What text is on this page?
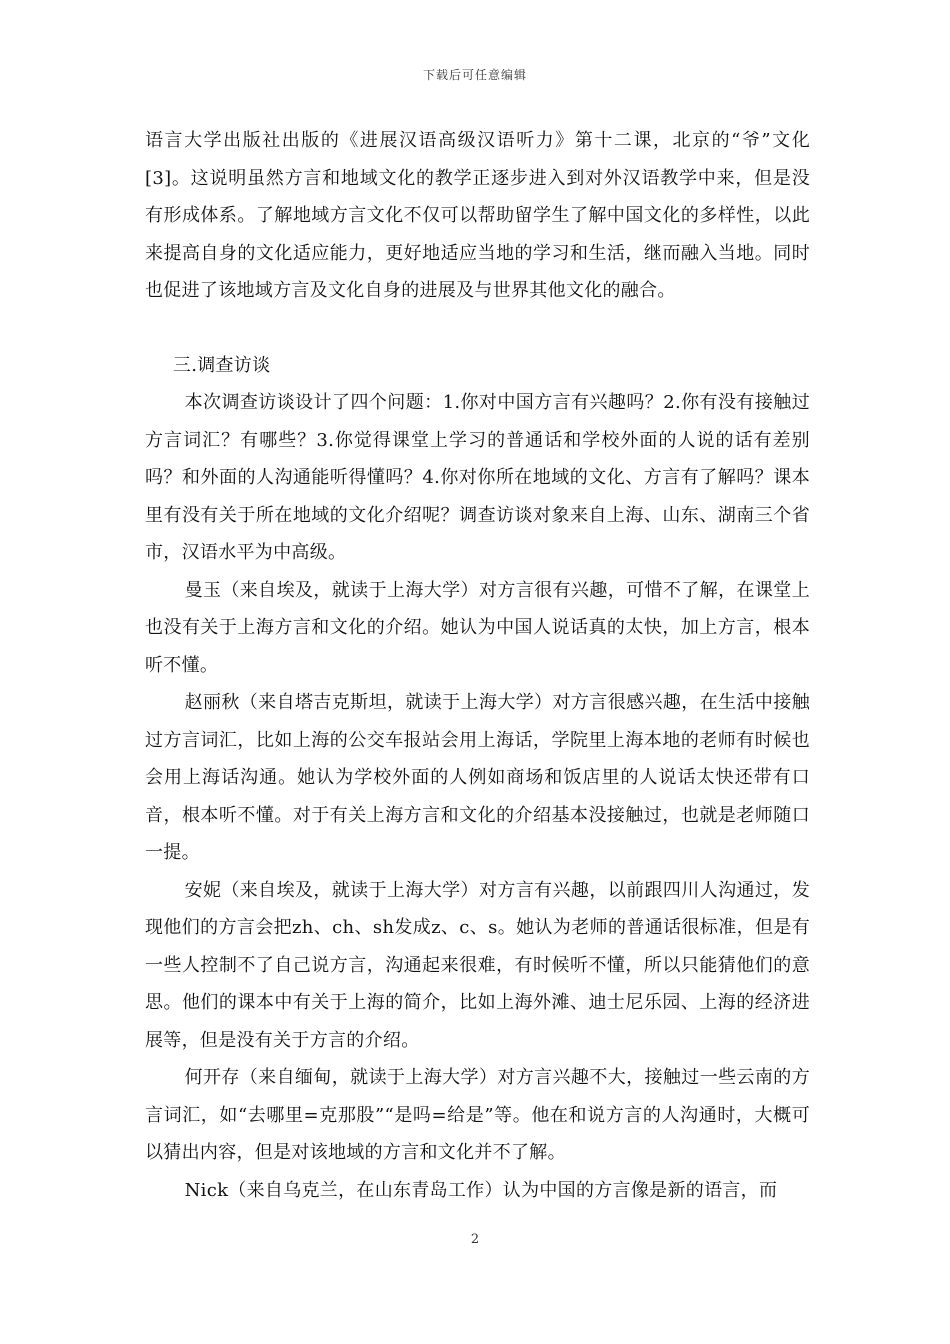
下载后可任意编辑

语言大学出版社出版的《进展汉语高级汉语听力》第十二课，北京的“爷”文化[3]。这说明虽然方言和地域文化的教学正逐步进入到对外汉语教学中来，但是没有形成体系。了解地域方言文化不仅可以帮助留学生了解中国文化的多样性，以此来提高自身的文化适应能力，更好地适应当地的学习和生活，继而融入当地。同时也促进了该地域方言及文化自身的进展及与世界其他文化的融合。

三.调查访谈

本次调查访谈设计了四个问题：1.你对中国方言有兴趣吗？2.你有没有接触过方言词汇？有哪些？3.你觉得课堂上学习的普通话和学校外面的人说的话有差别吗？和外面的人沟通能听得懂吗？4.你对你所在地域的文化、方言有了解吗？课本里有没有关于所在地域的文化介绍呢？调查访谈对象来自上海、山东、湖南三个省市，汉语水平为中高级。

曼玉（来自埃及，就读于上海大学）对方言很有兴趣，可惜不了解，在课堂上也没有关于上海方言和文化的介绍。她认为中国人说话真的太快，加上方言，根本听不懂。

赵丽秋（来自塔吉克斯坦，就读于上海大学）对方言很感兴趣，在生活中接触过方言词汇，比如上海的公交车报站会用上海话，学院里上海本地的老师有时候也会用上海话沟通。她认为学校外面的人例如商场和饭店里的人说话太快还带有口音，根本听不懂。对于有关上海方言和文化的介绍基本没接触过，也就是老师随口一提。

安妮（来自埃及，就读于上海大学）对方言有兴趣，以前跟四川人沟通过，发现他们的方言会把zh、ch、sh发成z、c、s。她认为老师的普通话很标准，但是有一些人控制不了自己说方言，沟通起来很难，有时候听不懂，所以只能猜他们的意思。他们的课本中有关于上海的简介，比如上海外滩、迪士尼乐园、上海的经济进展等，但是没有关于方言的介绍。

何开存（来自缅甸，就读于上海大学）对方言兴趣不大，接触过一些云南的方言词汇，如“去哪里=克那股”“是吗=给是”等。他在和说方言的人沟通时，大概可以猜出内容，但是对该地域的方言和文化并不了解。

Nick（来自乌克兰，在山东青岛工作）认为中国的方言像是新的语言，而

2
